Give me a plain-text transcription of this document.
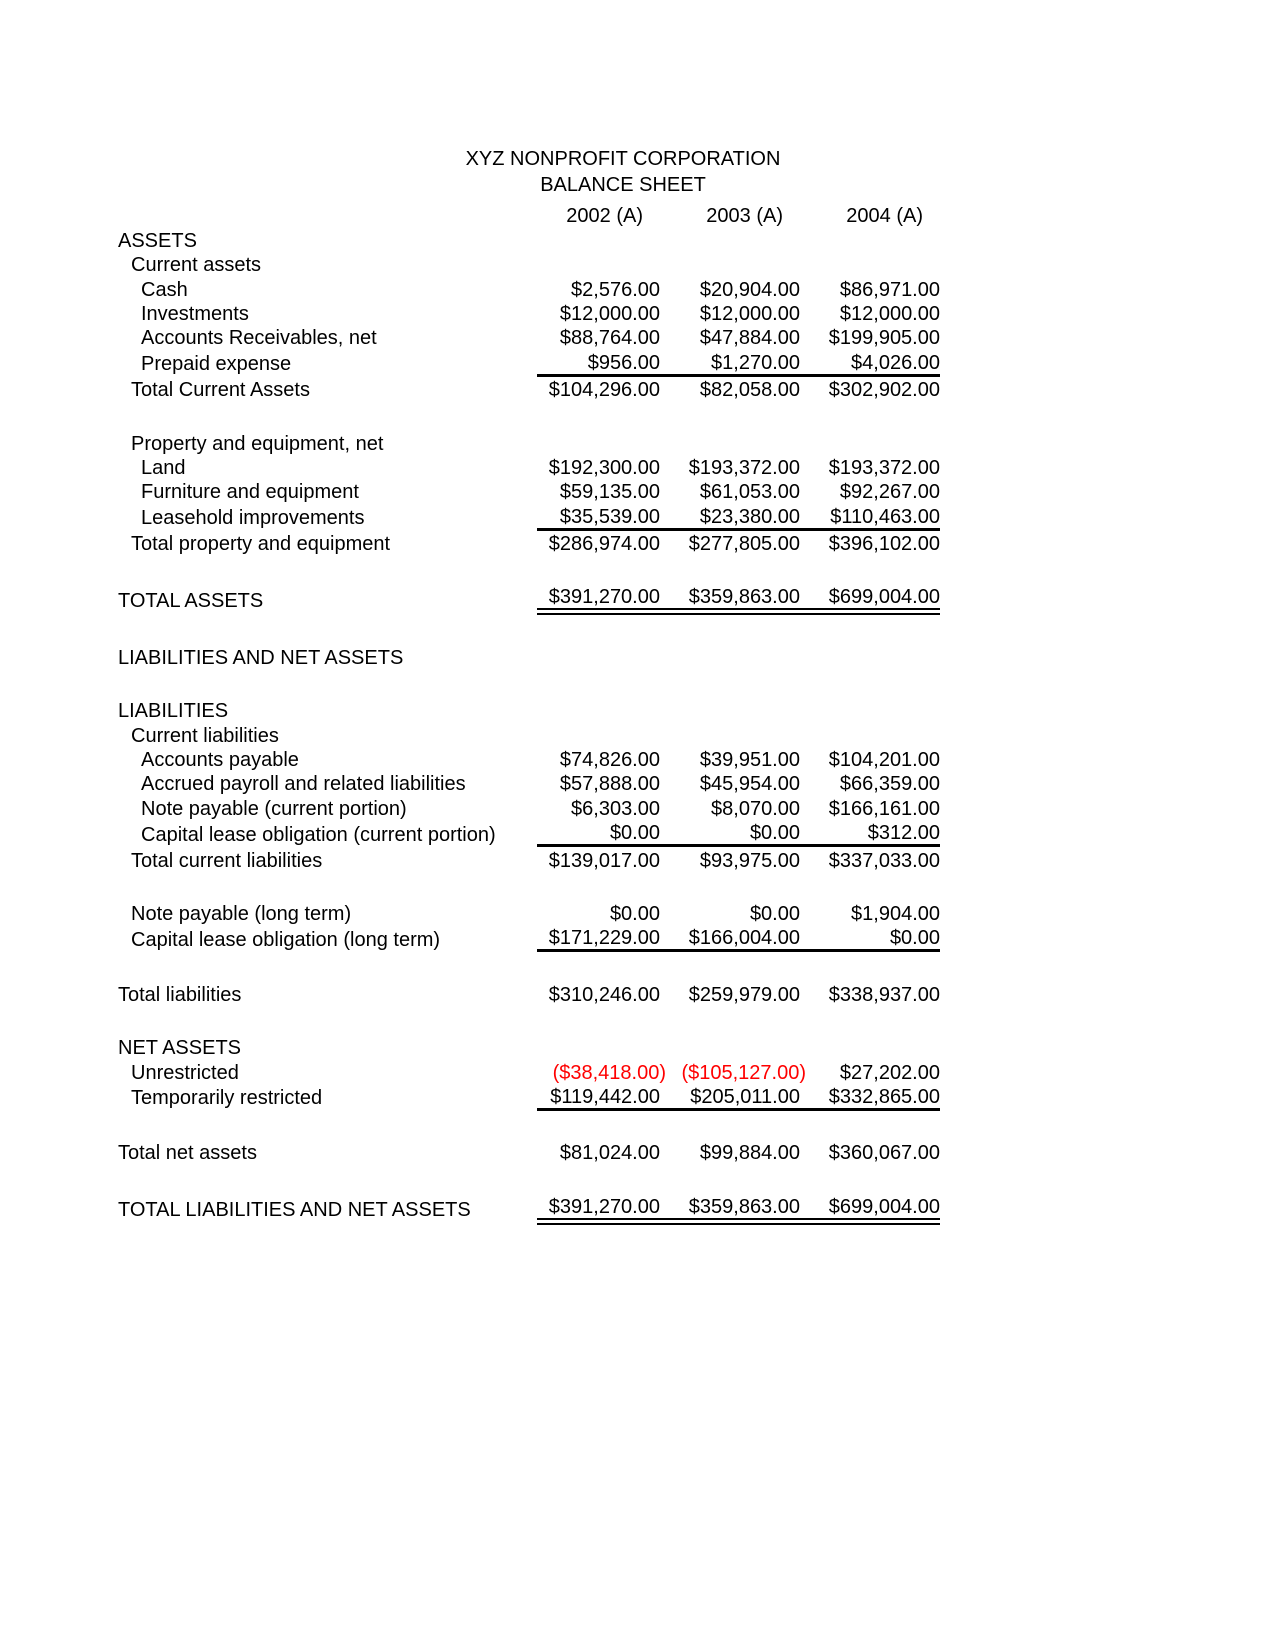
XYZ NONPROFIT CORPORATION
BALANCE SHEET
	2002 (A)	2003 (A)	2004 (A)
ASSETS			
Current assets			
Cash	$2,576.00	$20,904.00	$86,971.00
Investments	$12,000.00	$12,000.00	$12,000.00
Accounts Receivables, net	$88,764.00	$47,884.00	$199,905.00
Prepaid expense	$956.00	$1,270.00	$4,026.00
Total Current Assets	$104,296.00	$82,058.00	$302,902.00

Property and equipment, net			
Land	$192,300.00	$193,372.00	$193,372.00
Furniture and equipment	$59,135.00	$61,053.00	$92,267.00
Leasehold improvements	$35,539.00	$23,380.00	$110,463.00
Total property and equipment	$286,974.00	$277,805.00	$396,102.00

TOTAL ASSETS	$391,270.00	$359,863.00	$699,004.00

LIABILITIES AND NET ASSETS			

LIABILITIES			
Current liabilities			
Accounts payable	$74,826.00	$39,951.00	$104,201.00
Accrued payroll and related liabilities	$57,888.00	$45,954.00	$66,359.00
Note payable (current portion)	$6,303.00	$8,070.00	$166,161.00
Capital lease obligation (current portion)	$0.00	$0.00	$312.00
Total current liabilities	$139,017.00	$93,975.00	$337,033.00

Note payable (long term)	$0.00	$0.00	$1,904.00
Capital lease obligation (long term)	$171,229.00	$166,004.00	$0.00

Total liabilities	$310,246.00	$259,979.00	$338,937.00

NET ASSETS			
Unrestricted	($38,418.00)	($105,127.00)	$27,202.00
Temporarily restricted	$119,442.00	$205,011.00	$332,865.00

Total net assets	$81,024.00	$99,884.00	$360,067.00

TOTAL LIABILITIES AND NET ASSETS	$391,270.00	$359,863.00	$699,004.00
